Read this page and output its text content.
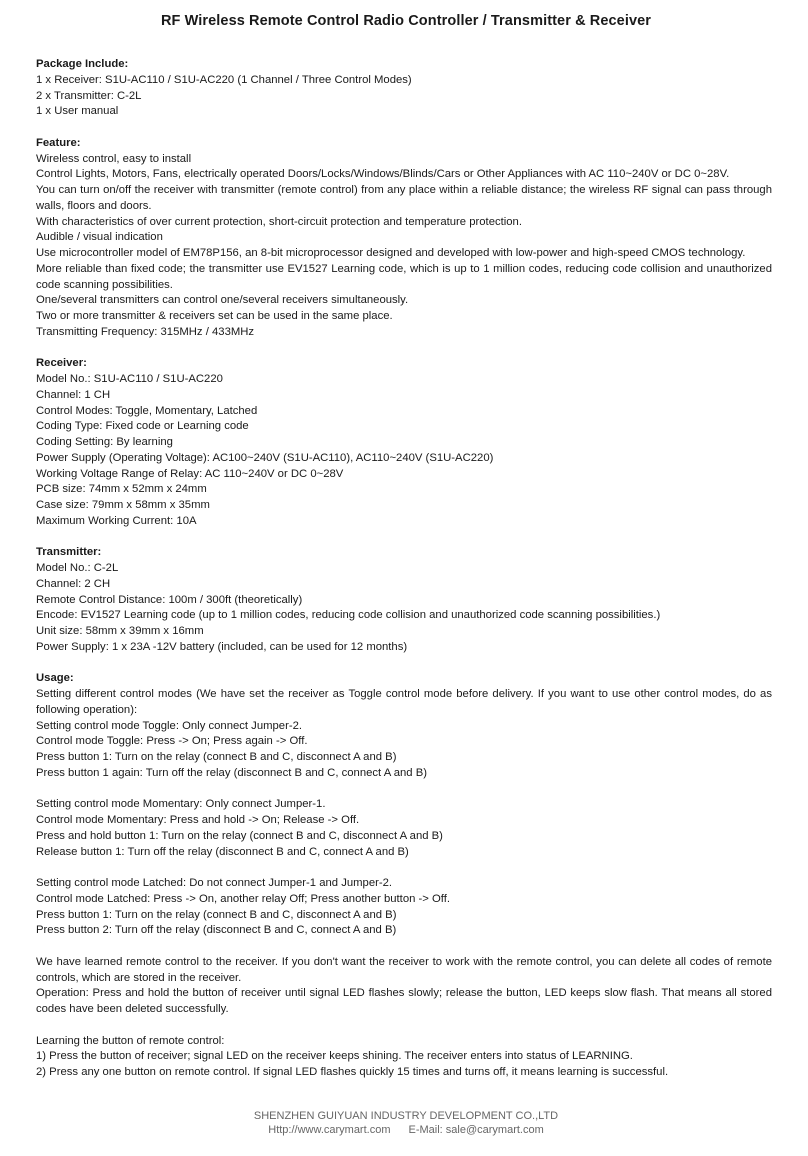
RF Wireless Remote Control Radio Controller / Transmitter & Receiver
Package Include:
1 x Receiver: S1U-AC110 / S1U-AC220 (1 Channel / Three Control Modes)
2 x Transmitter: C-2L
1 x User manual
Feature:
Wireless control, easy to install
Control Lights, Motors, Fans, electrically operated Doors/Locks/Windows/Blinds/Cars or Other Appliances with AC 110~240V or DC 0~28V.
You can turn on/off the receiver with transmitter (remote control) from any place within a reliable distance; the wireless RF signal can pass through walls, floors and doors.
With characteristics of over current protection, short-circuit protection and temperature protection.
Audible / visual indication
Use microcontroller model of EM78P156, an 8-bit microprocessor designed and developed with low-power and high-speed CMOS technology.
More reliable than fixed code; the transmitter use EV1527 Learning code, which is up to 1 million codes, reducing code collision and unauthorized code scanning possibilities.
One/several transmitters can control one/several receivers simultaneously.
Two or more transmitter & receivers set can be used in the same place.
Transmitting Frequency: 315MHz / 433MHz
Receiver:
Model No.: S1U-AC110 / S1U-AC220
Channel: 1 CH
Control Modes: Toggle, Momentary, Latched
Coding Type: Fixed code or Learning code
Coding Setting: By learning
Power Supply (Operating Voltage): AC100~240V (S1U-AC110), AC110~240V (S1U-AC220)
Working Voltage Range of Relay: AC 110~240V or DC 0~28V
PCB size: 74mm x 52mm x 24mm
Case size: 79mm x 58mm x 35mm
Maximum Working Current: 10A
Transmitter:
Model No.: C-2L
Channel: 2 CH
Remote Control Distance: 100m / 300ft (theoretically)
Encode: EV1527 Learning code (up to 1 million codes, reducing code collision and unauthorized code scanning possibilities.)
Unit size: 58mm x 39mm x 16mm
Power Supply: 1 x 23A -12V battery (included, can be used for 12 months)
Usage:
Setting different control modes (We have set the receiver as Toggle control mode before delivery. If you want to use other control modes, do as following operation):
Setting control mode Toggle: Only connect Jumper-2.
Control mode Toggle: Press -> On; Press again -> Off.
Press button 1: Turn on the relay (connect B and C, disconnect A and B)
Press button 1 again: Turn off the relay (disconnect B and C, connect A and B)
Setting control mode Momentary: Only connect Jumper-1.
Control mode Momentary: Press and hold -> On; Release -> Off.
Press and hold button 1: Turn on the relay (connect B and C, disconnect A and B)
Release button 1: Turn off the relay (disconnect B and C, connect A and B)
Setting control mode Latched: Do not connect Jumper-1 and Jumper-2.
Control mode Latched: Press -> On, another relay Off; Press another button -> Off.
Press button 1: Turn on the relay (connect B and C, disconnect A and B)
Press button 2: Turn off the relay (disconnect B and C, connect A and B)
We have learned remote control to the receiver. If you don't want the receiver to work with the remote control, you can delete all codes of remote controls, which are stored in the receiver.
Operation: Press and hold the button of receiver until signal LED flashes slowly; release the button, LED keeps slow flash. That means all stored codes have been deleted successfully.
Learning the button of remote control:
1) Press the button of receiver; signal LED on the receiver keeps shining. The receiver enters into status of LEARNING.
2) Press any one button on remote control. If signal LED flashes quickly 15 times and turns off, it means learning is successful.
SHENZHEN GUIYUAN INDUSTRY DEVELOPMENT CO.,LTD
Http://www.carymart.com E-Mail: sale@carymart.com
